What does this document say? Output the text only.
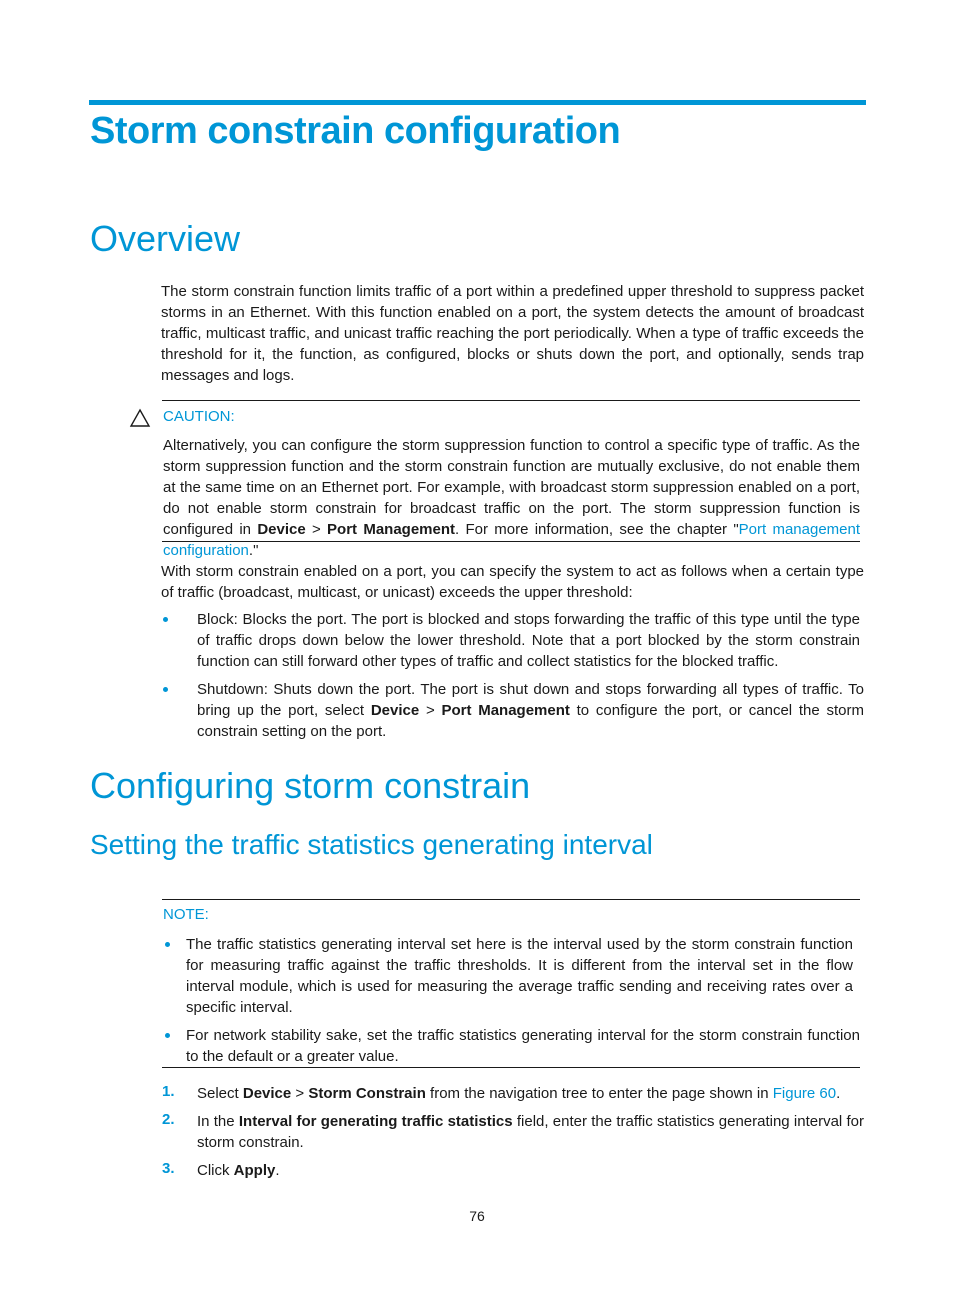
Storm constrain configuration
Overview

The storm constrain function limits traffic of a port within a predefined upper threshold to suppress packet storms in an Ethernet. With this function enabled on a port, the system detects the amount of broadcast traffic, multicast traffic, and unicast traffic reaching the port periodically. When a type of traffic exceeds the threshold for it, the function, as configured, blocks or shuts down the port, and optionally, sends trap messages and logs.

CAUTION:

Alternatively, you can configure the storm suppression function to control a specific type of traffic. As the storm suppression function and the storm constrain function are mutually exclusive, do not enable them at the same time on an Ethernet port. For example, with broadcast storm suppression enabled on a port, do not enable storm constrain for broadcast traffic on the port. The storm suppression function is configured in Device > Port Management. For more information, see the chapter "Port management configuration."

With storm constrain enabled on a port, you can specify the system to act as follows when a certain type of traffic (broadcast, multicast, or unicast) exceeds the upper threshold:

Block: Blocks the port. The port is blocked and stops forwarding the traffic of this type until the type of traffic drops down below the lower threshold. Note that a port blocked by the storm constrain function can still forward other types of traffic and collect statistics for the blocked traffic.

Shutdown: Shuts down the port. The port is shut down and stops forwarding all types of traffic. To bring up the port, select Device > Port Management to configure the port, or cancel the storm constrain setting on the port.

Configuring storm constrain
Setting the traffic statistics generating interval

NOTE:

The traffic statistics generating interval set here is the interval used by the storm constrain function for measuring traffic against the traffic thresholds. It is different from the interval set in the flow interval module, which is used for measuring the average traffic sending and receiving rates over a specific interval.

For network stability sake, set the traffic statistics generating interval for the storm constrain function to the default or a greater value.

1. Select Device > Storm Constrain from the navigation tree to enter the page shown in Figure 60.

2. In the Interval for generating traffic statistics field, enter the traffic statistics generating interval for storm constrain.

3. Click Apply.

76
